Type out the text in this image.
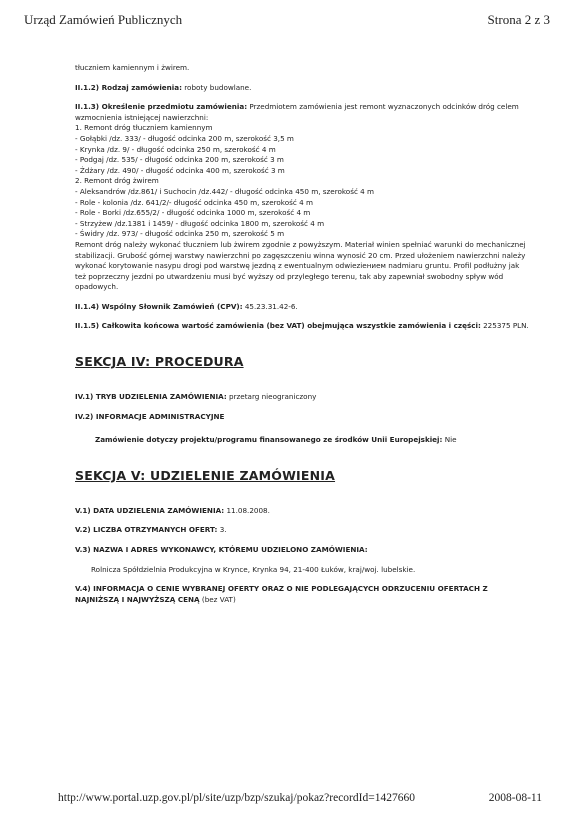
Urząd Zamówień Publicznych	Strona 2 z 3

tłuczniem kamiennym i żwirem.

II.1.2) Rodzaj zamówienia: roboty budowlane.

II.1.3) Określenie przedmiotu zamówienia: Przedmiotem zamówienia jest remont wyznaczonych odcinków dróg celem wzmocnienia istniejącej nawierzchni:

1. Remont dróg tłuczniem kamiennym

- Gołąbki /dz. 333/ - długość odcinka 200 m, szerokość 3,5 m

- Krynka /dz. 9/ - długość odcinka 250 m, szerokość 4 m

- Podgaj /dz. 535/ - długość odcinka 200 m, szerokość 3 m

- Żdżary /dz. 490/ - długość odcinka 400 m, szerokość 3 m

2. Remont dróg żwirem

- Aleksandrów /dz.861/ i Suchocin /dz.442/ - długość odcinka 450 m, szerokość 4 m

- Role - kolonia /dz. 641/2/- długość odcinka 450 m, szerokość 4 m

- Role - Borki /dz.655/2/ - długość odcinka 1000 m, szerokość 4 m

- Strzyżew /dz.1381 i 1459/ - długość odcinka 1800 m, szerokość 4 m

- Świdry /dz. 973/ - długość odcinka 250 m, szerokość 5 m

Remont dróg należy wykonać tłuczniem lub żwirem zgodnie z powyższym. Materiał winien spełniać warunki do mechanicznej stabilizacji. Grubość górnej warstwy nawierzchni po zagęszczeniu winna wynosić 20 cm. Przed ułożeniem nawierzchni należy wykonać korytowanie nasypu drogi pod warstwę jezdną z ewentualnym odwieziением nadmiaru gruntu. Profil podłużny jak też poprzeczny jezdni po utwardzeniu musi być wyższy od przyległego terenu, tak aby zapewniał swobodny spływ wód opadowych.

II.1.4) Wspólny Słownik Zamówień (CPV): 45.23.31.42-6.

II.1.5) Całkowita końcowa wartość zamówienia (bez VAT) obejmująca wszystkie zamówienia i części: 225375 PLN.

SEKCJA IV: PROCEDURA

IV.1) TRYB UDZIELENIA ZAMÓWIENIA: przetarg nieograniczony

IV.2) INFORMACJE ADMINISTRACYJNE

Zamówienie dotyczy projektu/programu finansowanego ze środków Unii Europejskiej: Nie

SEKCJA V: UDZIELENIE ZAMÓWIENIA

V.1) DATA UDZIELENIA ZAMÓWIENIA: 11.08.2008.

V.2) LICZBA OTRZYMANYCH OFERT: 3.

V.3) NAZWA I ADRES WYKONAWCY, KTÓREMU UDZIELONO ZAMÓWIENIA:

Rolnicza Spółdzielnia Produkcyjna w Krynce, Krynka 94, 21-400 Łuków, kraj/woj. lubelskie.

V.4) INFORMACJA O CENIE WYBRANEJ OFERTY ORAZ O NIE PODLEGAJĄCYCH ODRZUCENIU OFERTACH Z NAJNIŻSZĄ I NAJWYŻSZĄ CENĄ (bez VAT)

http://www.portal.uzp.gov.pl/pl/site/uzp/bzp/szukaj/pokaz?recordId=1427660	2008-08-11
